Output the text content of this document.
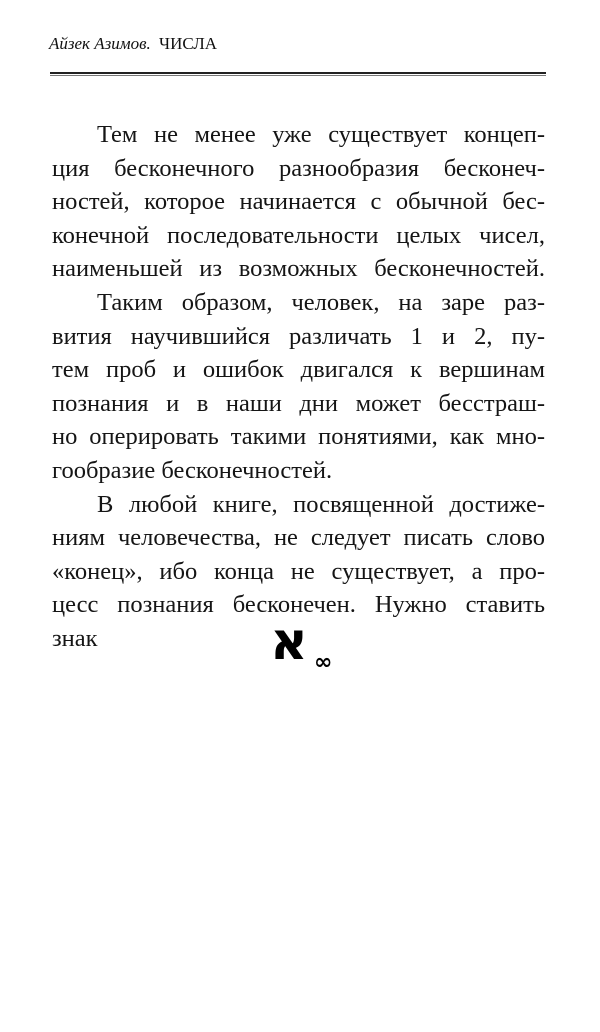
Айзек Азимов. ЧИСЛА
Тем не менее уже существует концеп-
ция бесконечного разнообразия бесконеч-
ностей, которое начинается с обычной бес-
конечной последовательности целых чисел,
наименьшей из возможных бесконечностей.
Таким образом, человек, на заре раз-
вития научившийся различать 1 и 2, пу-
тем проб и ошибок двигался к вершинам
познания и в наши дни может бесстраш-
но оперировать такими понятиями, как мно-
гообразие бесконечностей.
В любой книге, посвященной достиже-
ниям человечества, не следует писать слово
«конец», ибо конца не существует, а про-
цесс познания бесконечен. Нужно ставить
знак	א ∞
